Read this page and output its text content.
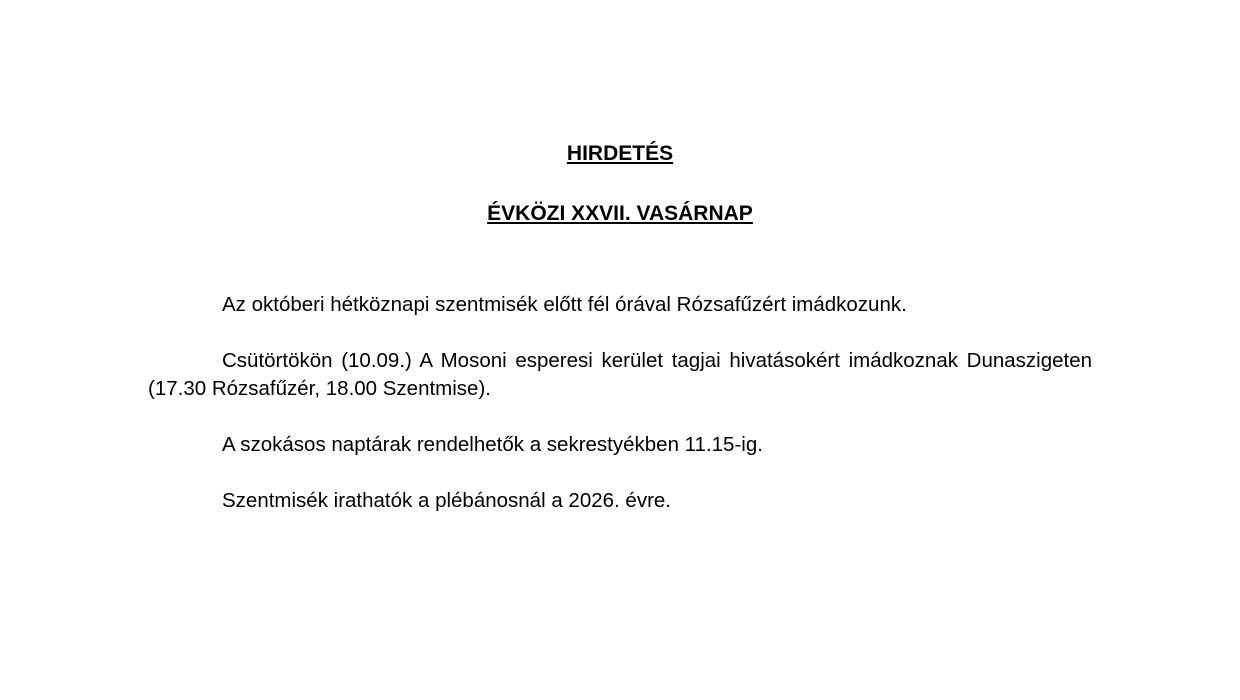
HIRDETÉS
ÉVKÖZI XXVII. VASÁRNAP

Az októberi hétköznapi szentmisék előtt fél órával Rózsafűzért imádkozunk.

Csütörtökön (10.09.) A Mosoni esperesi kerület tagjai hivatásokért imádkoznak Dunaszigeten (17.30 Rózsafűzér, 18.00 Szentmise).

A szokásos naptárak rendelhetők a sekrestyékben 11.15-ig.

Szentmisék irathatók a plébánosnál a 2026. évre.
